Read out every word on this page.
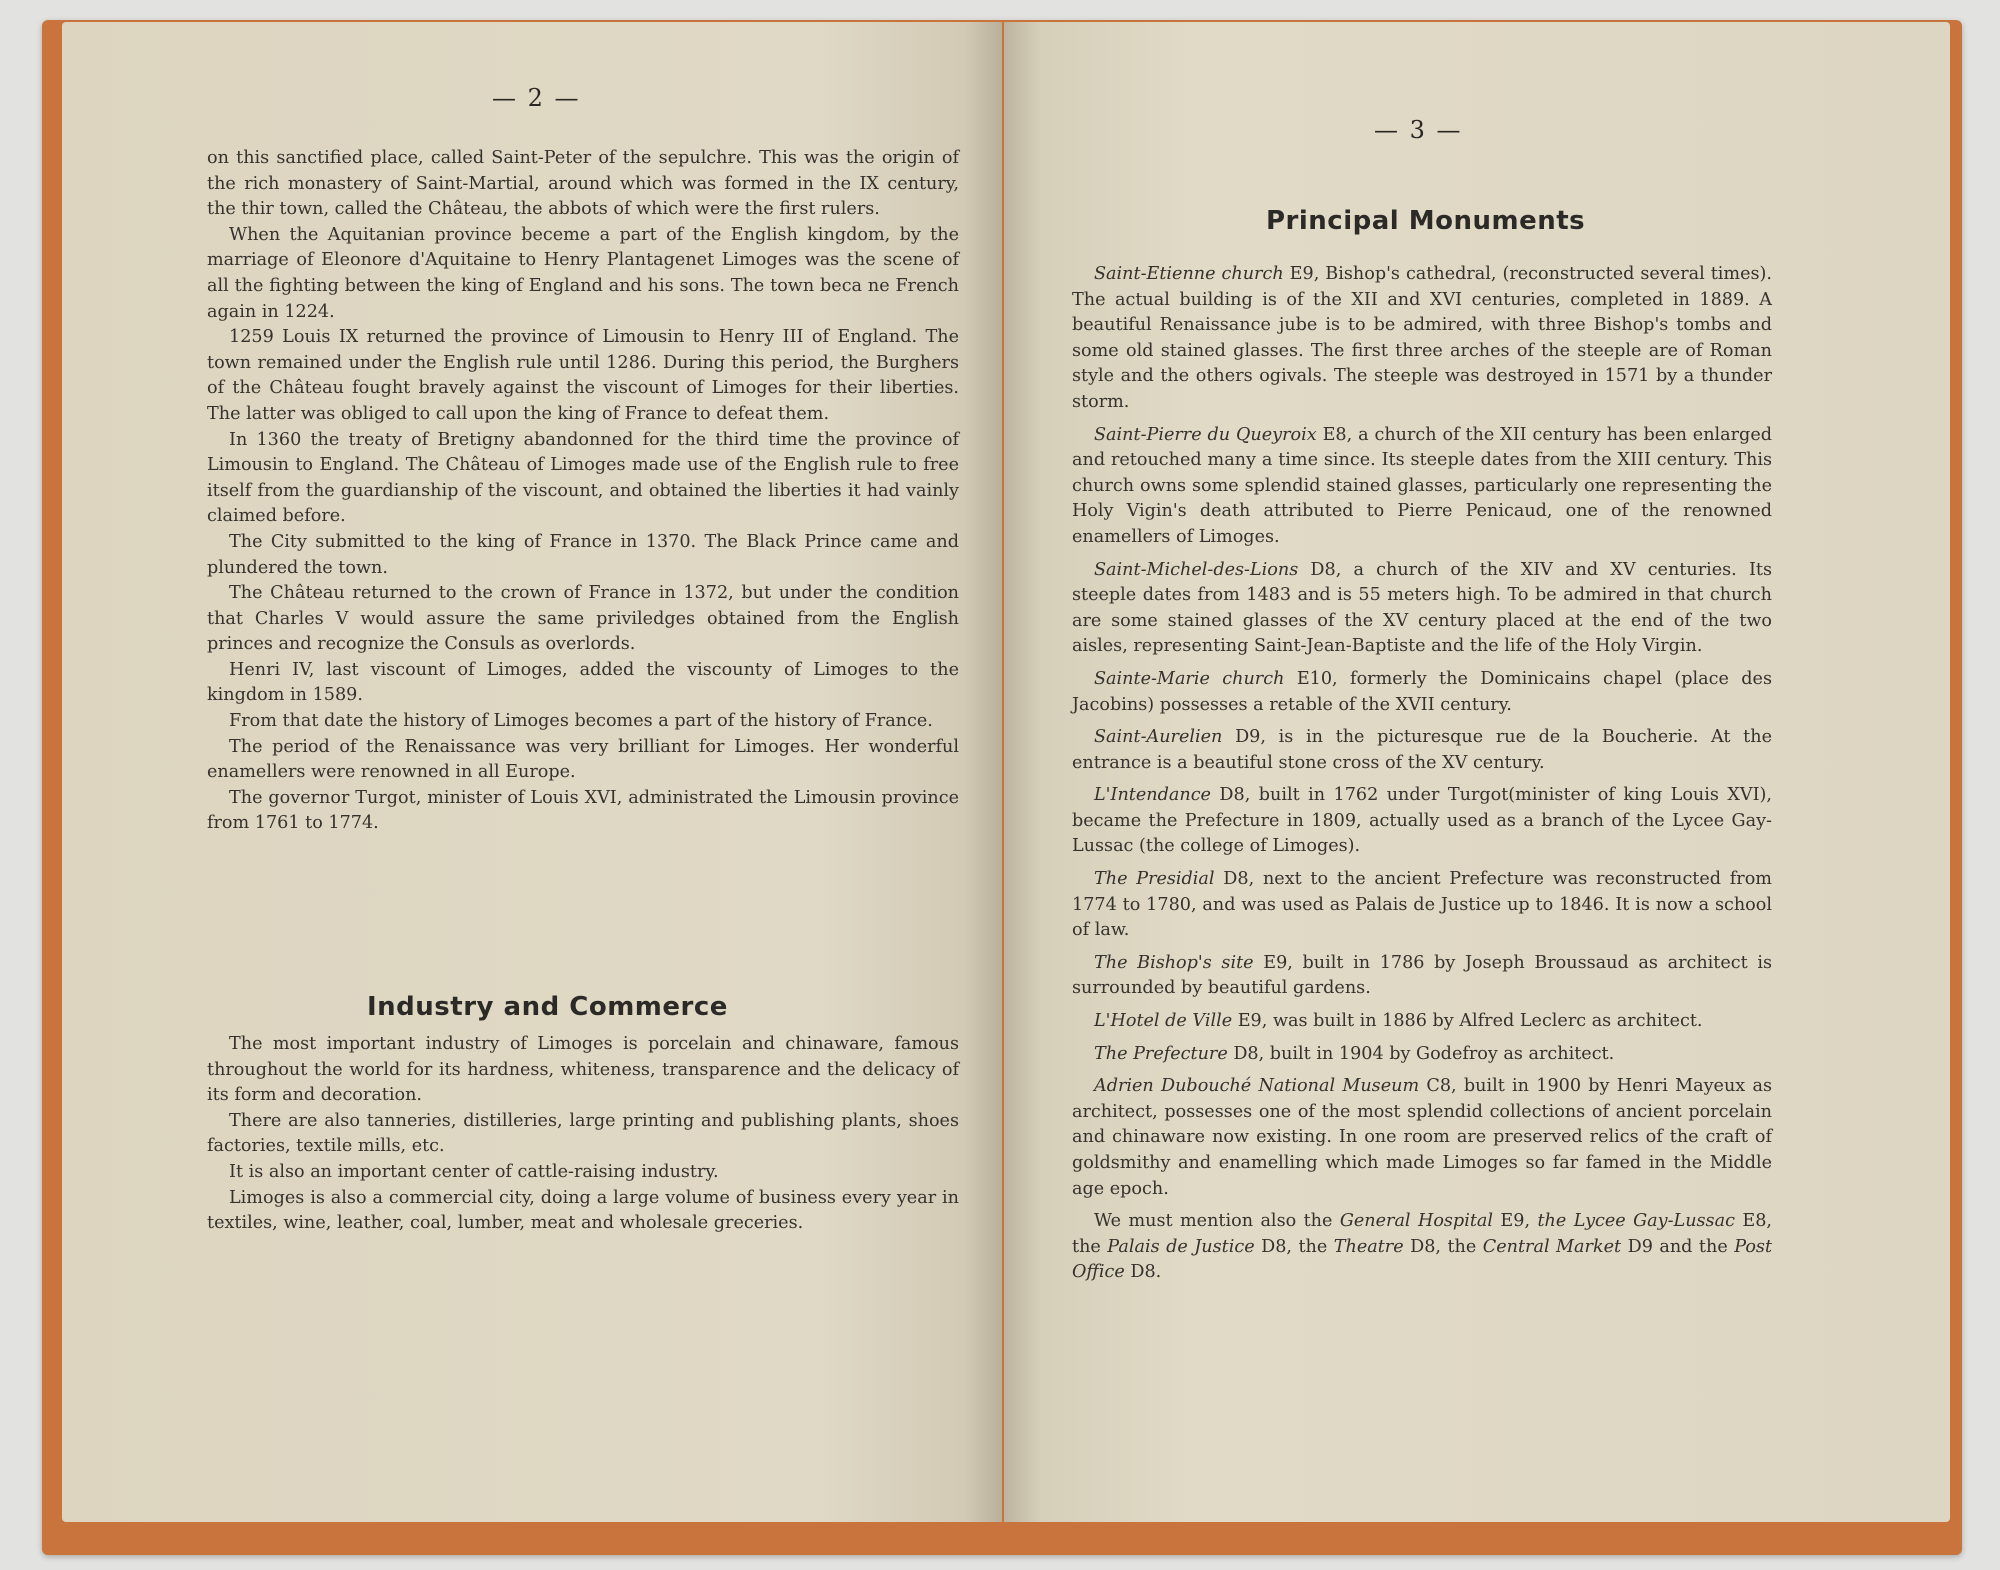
— 2 —

on this sanctified place, called Saint-Peter of the sepulchre. This was the origin of the rich monastery of Saint-Martial, around which was formed in the IX century, the thir town, called the Château, the abbots of which were the first rulers.

When the Aquitanian province beceme a part of the English kingdom, by the marriage of Eleonore d'Aquitaine to Henry Plantagenet Limoges was the scene of all the fighting between the king of England and his sons. The town beca ne French again in 1224.

1259 Louis IX returned the province of Limousin to Henry III of England. The town remained under the English rule until 1286. During this period, the Burghers of the Château fought bravely against the viscount of Limoges for their liberties. The latter was obliged to call upon the king of France to defeat them.

In 1360 the treaty of Bretigny abandonned for the third time the province of Limousin to England. The Château of Limoges made use of the English rule to free itself from the guardianship of the viscount, and obtained the liberties it had vainly claimed before.

The City submitted to the king of France in 1370. The Black Prince came and plundered the town.

The Château returned to the crown of France in 1372, but under the condition that Charles V would assure the same priviledges obtained from the English princes and recognize the Consuls as overlords.

Henri IV, last viscount of Limoges, added the viscounty of Limoges to the kingdom in 1589.

From that date the history of Limoges becomes a part of the history of France.

The period of the Renaissance was very brilliant for Limoges. Her wonderful enamellers were renowned in all Europe.

The governor Turgot, minister of Louis XVI, administrated the Limousin province from 1761 to 1774.

Industry and Commerce

The most important industry of Limoges is porcelain and chinaware, famous throughout the world for its hardness, whiteness, transparence and the delicacy of its form and decoration.

There are also tanneries, distilleries, large printing and publishing plants, shoes factories, textile mills, etc.

It is also an important center of cattle-raising industry.

Limoges is also a commercial city, doing a large volume of business every year in textiles, wine, leather, coal, lumber, meat and wholesale greceries.

— 3 —
Principal Monuments

Saint-Etienne church E9, Bishop's cathedral, (reconstructed several times). The actual building is of the XII and XVI centuries, completed in 1889. A beautiful Renaissance jube is to be admired, with three Bishop's tombs and some old stained glasses. The first three arches of the steeple are of Roman style and the others ogivals. The steeple was destroyed in 1571 by a thunder storm.

Saint-Pierre du Queyroix E8, a church of the XII century has been enlarged and retouched many a time since. Its steeple dates from the XIII century. This church owns some splendid stained glasses, particularly one representing the Holy Vigin's death attributed to Pierre Penicaud, one of the renowned enamellers of Limoges.

Saint-Michel-des-Lions D8, a church of the XIV and XV centuries. Its steeple dates from 1483 and is 55 meters high. To be admired in that church are some stained glasses of the XV century placed at the end of the two aisles, representing Saint-Jean-Baptiste and the life of the Holy Virgin.

Sainte-Marie church E10, formerly the Dominicains chapel (place des Jacobins) possesses a retable of the XVII century.

Saint-Aurelien D9, is in the picturesque rue de la Boucherie. At the entrance is a beautiful stone cross of the XV century.

L'Intendance D8, built in 1762 under Turgot(minister of king Louis XVI), became the Prefecture in 1809, actually used as a branch of the Lycee Gay-Lussac (the college of Limoges).

The Presidial D8, next to the ancient Prefecture was reconstructed from 1774 to 1780, and was used as Palais de Justice up to 1846. It is now a school of law.

The Bishop's site E9, built in 1786 by Joseph Broussaud as architect is surrounded by beautiful gardens.

L'Hotel de Ville E9, was built in 1886 by Alfred Leclerc as architect.

The Prefecture D8, built in 1904 by Godefroy as architect.

Adrien Dubouché National Museum C8, built in 1900 by Henri Mayeux as architect, possesses one of the most splendid collections of ancient porcelain and chinaware now existing. In one room are preserved relics of the craft of goldsmithy and enamelling which made Limoges so far famed in the Middle age epoch.

We must mention also the General Hospital E9, the Lycee Gay-Lussac E8, the Palais de Justice D8, the Theatre D8, the Central Market D9 and the Post Office D8.
